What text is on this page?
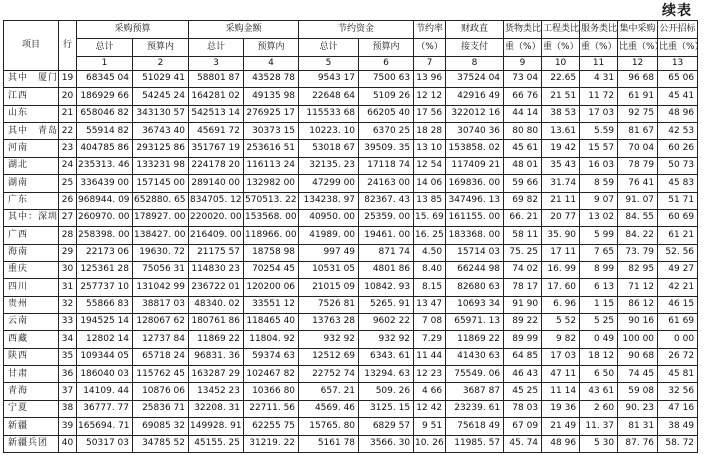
续表
项目	行	采购预算		采购金额		节约资金		节约率	财政直	货物类比	工程类比	服务类比	集中采购	公开招标
		总计	预算内	总计	预算内	总计	预算内	（%）	接支付	重（%）	重（%）	重（%）	比重（%）	比重（%）
		1	2	3	4	5	6	7	8	9	10	11	12	13
其中　厦门	19	68345 04	51029 41	58801 87	43528 78	9543 17	7500 63	13 96	37524 04	73 04	22.65	4 31	96 68	65 06
江西	20	186929 66	54245 24	164281 02	49135 98	22648 64	5109 26	12 12	42916 49	66 76	21 51	11 72	61 91	45 41
山东	21	658046 82	343130 57	542513 14	276925 17	115533 68	66205 40	17 56	322012 16	44 14	38 53	17 03	92 75	48 96
其中　青岛	22	55914 82	36743 40	45691 72	30373 15	10223. 10	6370 25	18 28	30740 36	80 80	13.61	5.59	81 67	42 53
河南	23	404785 86	293125 86	351767 19	253616 51	53018 67	39509. 35	13 10	153858. 02	45 61	19 42	15 57	70 04	60 26
湖北	24	235313. 46	133231 98	224178 20	116113 24	32135. 23	17118 74	12 54	117409 21	48 01	35 43	16 03	78 79	50 73
湖南	25	336439 00	157145 00	289140 00	132982 00	47299 00	24163 00	14 06	169836. 00	59 66	31.74	8 59	76 41	45 83
广东	26	968944. 09	652880. 65	834705. 12	570513. 22	134238. 97	82367. 43	13 85	347496. 13	69 82	21 11	9 07	91. 07	51 71
其中：深圳	27	260970. 00	178927. 00	220020. 00	153568. 00	40950. 00	25359. 00	15. 69	161155. 00	66. 21	20 77	13 02	84. 55	60 69
广西	28	258398. 00	138427. 00	216409. 00	118966. 00	41989. 00	19461. 00	16. 25	183368. 00	58 11	35. 90	5 99	84. 22	61 21
海南	29	22173 06	19630. 72	21175 57	18758 98	997 49	871 74	4.50	15714 03	75. 25	17 11	7 65	73. 79	52. 56
重庆	30	125361 28	75056 31	114830 23	70254 45	10531 05	4801 86	8.40	66244 98	74 02	16. 99	8 99	82 95	49 27
四川	31	257737 10	131042 99	236722 01	120200 06	21015 09	10842. 93	8.15	82680 63	78 17	17. 60	6 13	71 12	42 21
贵州	32	55866 83	38817 03	48340. 02	33551 12	7526 81	5265. 91	13 47	10693 34	91 90	6. 96	1 15	86 12	46 15
云南	33	194525 14	128067 62	180761 86	118465 40	13763 28	9602 22	7 08	65971. 13	89 22	5 52	5 25	90 16	61 69
西藏	34	12802 14	12737 84	11869 22	11804. 92	932 92	932 92	7.29	11869 22	89 99	9 82	0 49	100 00	0 00
陕西	35	109344 05	65718 24	96831. 36	59374 63	12512 69	6343. 61	11 44	41430 63	64 85	17 03	18 12	90 68	26 72
甘肃	36	186040 03	115762 45	163287 29	102467 82	22752 74	13294. 63	12 23	75549. 06	46 43	47 11	6 50	74 45	45 81
青海	37	14109. 44	10876 06	13452 23	10366 80	657. 21	509. 26	4 66	3687 87	45 25	11 14	43 61	59 08	32 56
宁夏	38	36777. 77	25836 71	32208. 31	22711. 56	4569. 46	3125. 15	12 42	23239. 61	78 03	19 36	2 60	90. 23	47 16
新疆	39	165694. 71	69085 32	149928. 91	62255 75	15765. 80	6829 57	9 51	75618 49	67 09	21 49	11. 37	81 31	38 49
新疆兵团	40	50317 03	34785 52	45155. 25	31219. 22	5161 78	3566. 30	10. 26	11985. 57	45. 74	48 96	5 30	87. 76	58. 72
